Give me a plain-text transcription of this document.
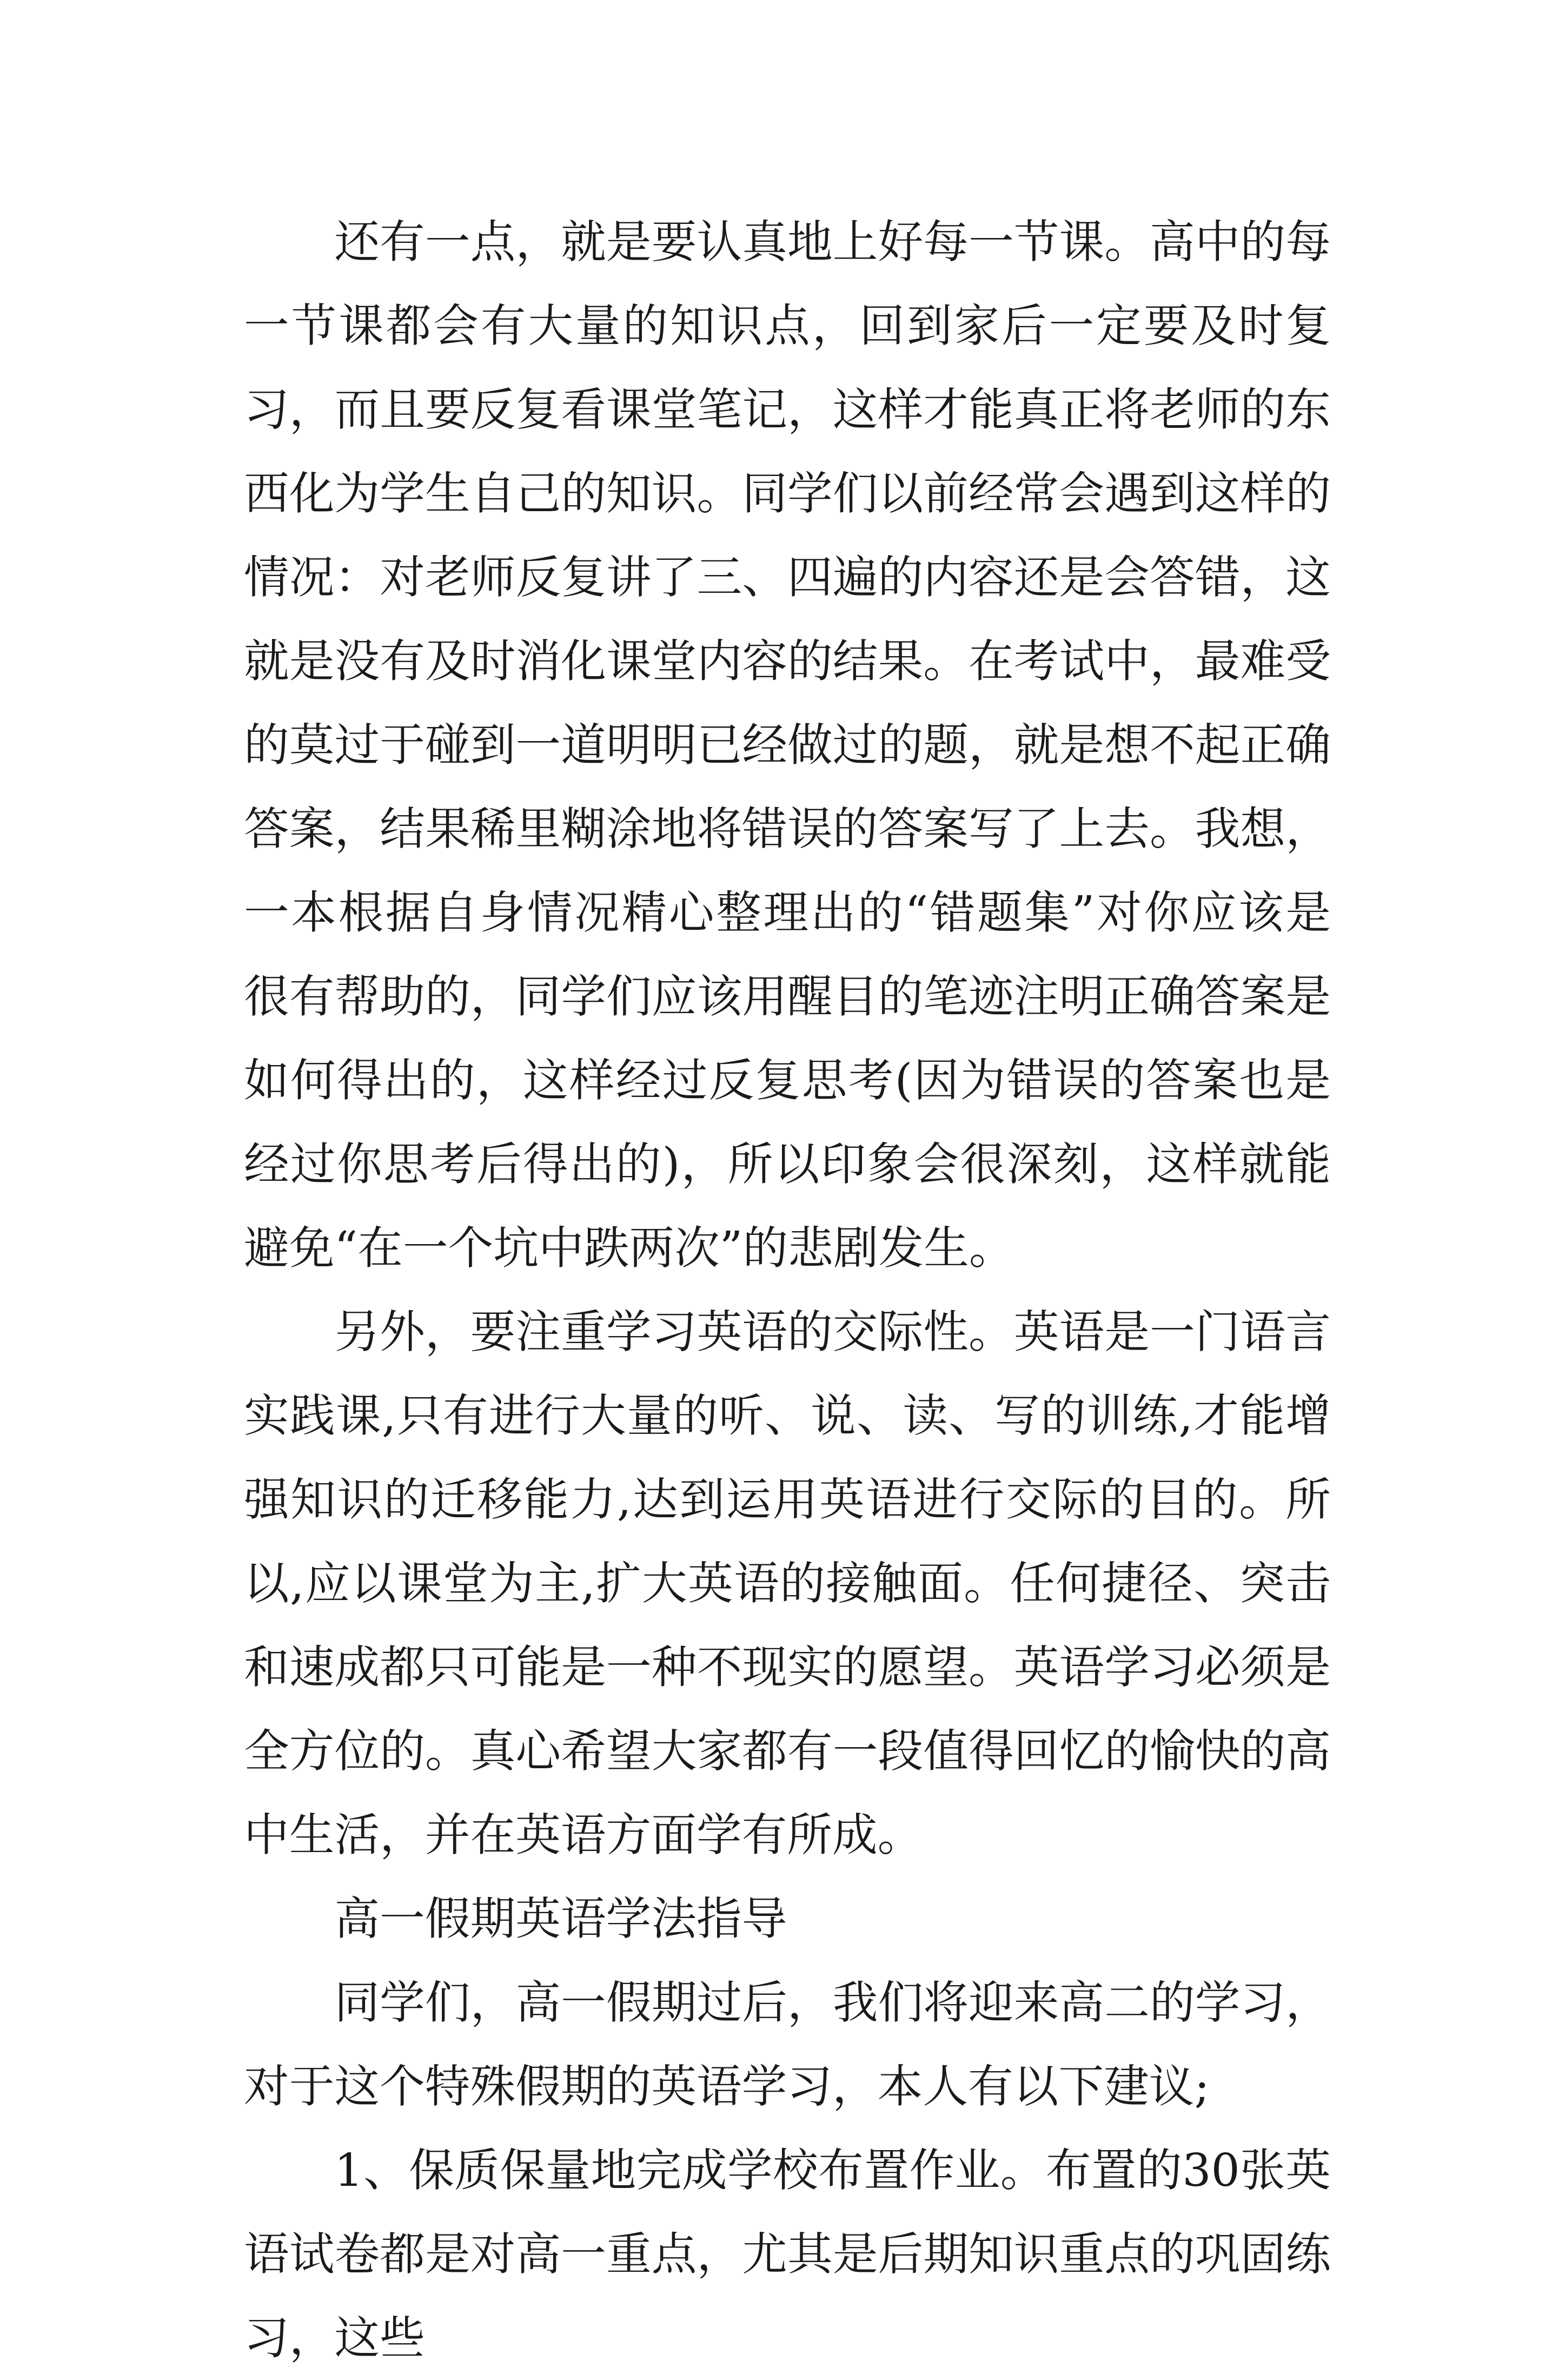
还有一点，就是要认真地上好每一节课。高中的每一节课都会有大量的知识点，回到家后一定要及时复习，而且要反复看课堂笔记，这样才能真正将老师的东西化为学生自己的知识。同学们以前经常会遇到这样的情况：对老师反复讲了三、四遍的内容还是会答错，这就是没有及时消化课堂内容的结果。在考试中，最难受的莫过于碰到一道明明已经做过的题，就是想不起正确答案，结果稀里糊涂地将错误的答案写了上去。我想，一本根据自身情况精心整理出的“错题集”对你应该是很有帮助的，同学们应该用醒目的笔迹注明正确答案是如何得出的，这样经过反复思考(因为错误的答案也是经过你思考后得出的)，所以印象会很深刻，这样就能避免“在一个坑中跌两次”的悲剧发生。

另外，要注重学习英语的交际性。英语是一门语言实践课,只有进行大量的听、说、读、写的训练,才能增强知识的迁移能力,达到运用英语进行交际的目的。所以,应以课堂为主,扩大英语的接触面。任何捷径、突击和速成都只可能是一种不现实的愿望。英语学习必须是全方位的。真心希望大家都有一段值得回忆的愉快的高中生活，并在英语方面学有所成。

高一假期英语学法指导

同学们，高一假期过后，我们将迎来高二的学习，对于这个特殊假期的英语学习，本人有以下建议;

1、保质保量地完成学校布置作业。布置的30张英语试卷都是对高一重点，尤其是后期知识重点的巩固练习，这些
